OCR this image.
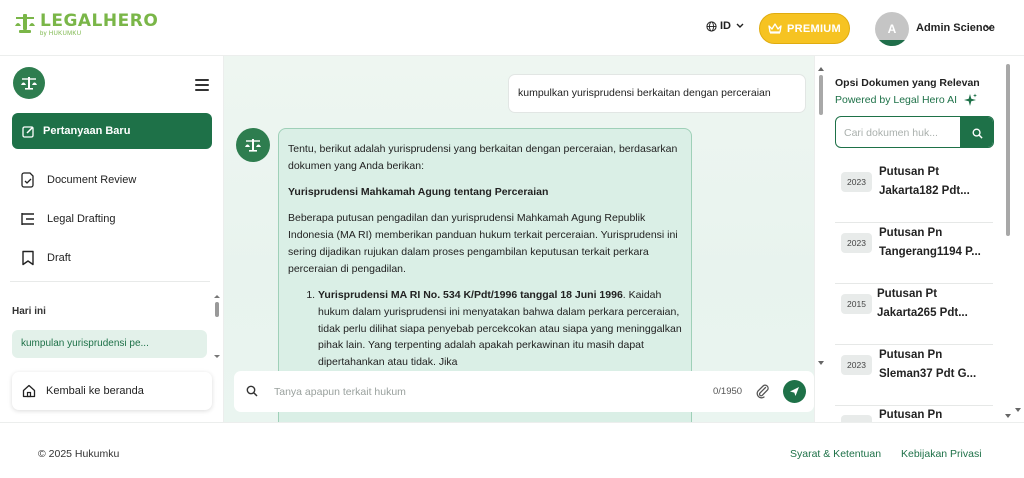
LEGALHERO
by HUKUMKU
ID	PREMIUM	A Admin Science
Pertanyaan Baru
Document Review
Legal Drafting
Draft
Hari ini
kumpulan yurisprudensi pe...
Kembali ke beranda
kumpulkan yurisprudensi berkaitan dengan perceraian

Tentu, berikut adalah yurisprudensi yang berkaitan dengan perceraian, berdasarkan dokumen yang Anda berikan:

Yurisprudensi Mahkamah Agung tentang Perceraian

Beberapa putusan pengadilan dan yurisprudensi Mahkamah Agung Republik Indonesia (MA RI) memberikan panduan hukum terkait perceraian. Yurisprudensi ini sering dijadikan rujukan dalam proses pengambilan keputusan terkait perkara perceraian di pengadilan.

1. Yurisprudensi MA RI No. 534 K/Pdt/1996 tanggal 18 Juni 1996. Kaidah hukum dalam yurisprudensi ini menyatakan bahwa dalam perkara perceraian, tidak perlu dilihat siapa penyebab percekcokan atau siapa yang meninggalkan pihak lain. Yang terpenting adalah apakah perkawinan itu masih dapat dipertahankan atau tidak. Jika
Tanya apapun terkait hukum
0/1950
Opsi Dokumen yang Relevan
Powered by Legal Hero AI
Cari dokumen huk...
2023
Putusan Pt
Jakarta182 Pdt...
2023
Putusan Pn
Tangerang1194 P...
2015
Putusan Pt
Jakarta265 Pdt...
2023
Putusan Pn
Sleman37 Pdt G...
Putusan Pn
© 2025 Hukumku	Syarat & Ketentuan Kebijakan Privasi
